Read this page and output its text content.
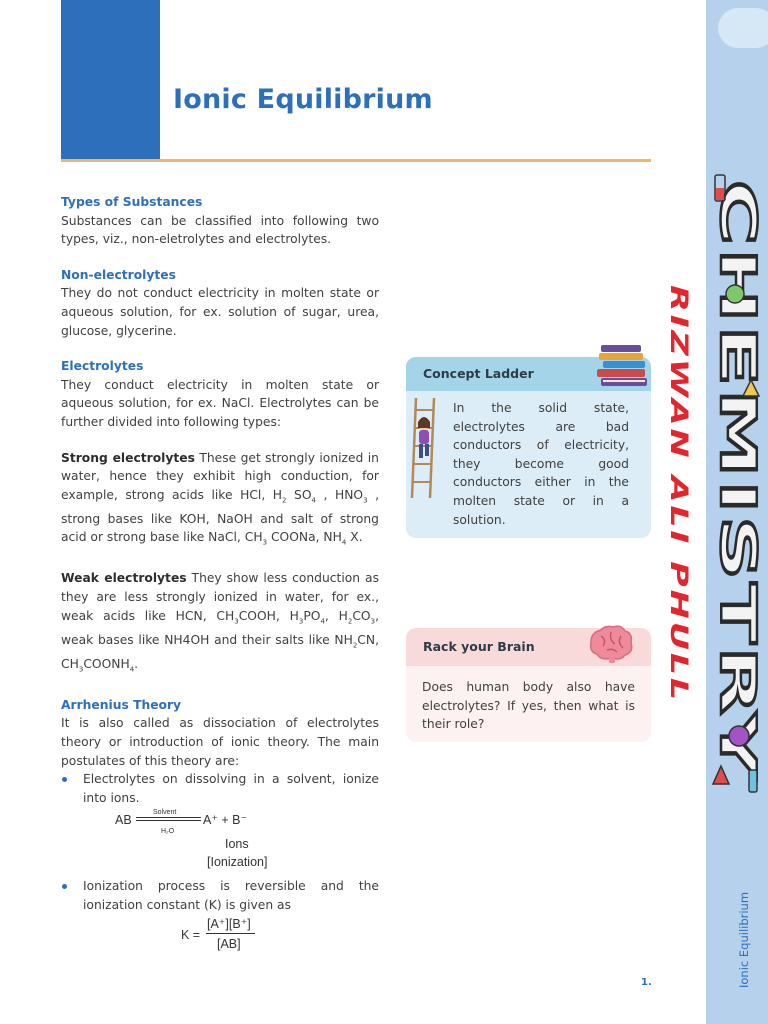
Ionic Equilibrium
Types of Substances

Substances can be classified into following two types, viz., non-eletrolytes and electrolytes.

Non-electrolytes

They do not conduct electricity in molten state or aqueous solution, for ex. solution of sugar, urea, glucose, glycerine.

Electrolytes

They conduct electricity in molten state or aqueous solution, for ex. NaCl. Electrolytes can be further divided into following types:

Strong electrolytes These get strongly ionized in water, hence they exhibit high conduction, for example, strong acids like HCl, $H_2$ $SO_4$ , $HNO_3$ , strong bases like KOH, NaOH and salt of strong acid or strong base like NaCl, $CH_3$ COONa, $NH_4$ X.

Weak electrolytes They show less conduction as they are less strongly ionized in water, for ex., weak acids like HCN, $CH_3COOH$, $H_3PO_4$, $H_2CO_3$, weak bases like NH4OH and their salts like $NH_2CN$, $CH_3COONH_4$.

Arrhenius Theory

It is also called as dissociation of electrolytes theory or introduction of ionic theory. The main postulates of this theory are:

Electrolytes on dissolving in a solvent, ionize into ions.
AB
Solvent
H₂O
A⁺ + B⁻
Ions
[Ionization]
Ionization process is reversible and the ionization constant (K) is given as
K =
[A⁺][B⁺]
[AB]
Concept Ladder
In the solid state, electrolytes are bad conductors of electricity, they become good conductors either in the molten state or in a solution.
Rack your Brain
Does human body also have electrolytes? If yes, then what is their role?
CHEMISTRY
RIZWAN ALI PHULL
Ionic Equilibrium
1.
